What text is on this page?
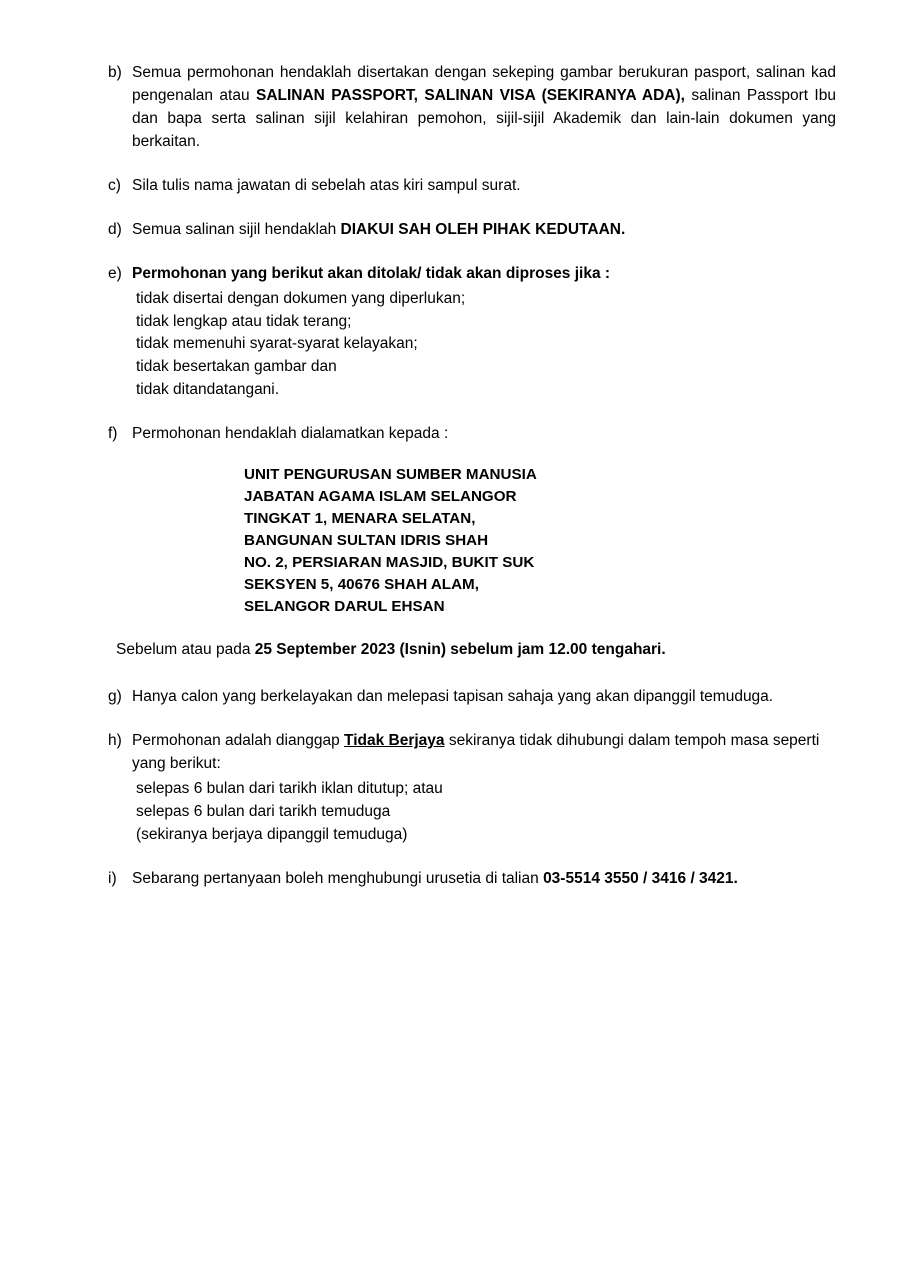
b) Semua permohonan hendaklah disertakan dengan sekeping gambar berukuran pasport, salinan kad pengenalan atau SALINAN PASSPORT, SALINAN VISA (SEKIRANYA ADA), salinan Passport Ibu dan bapa serta salinan sijil kelahiran pemohon, sijil-sijil Akademik dan lain-lain dokumen yang berkaitan.
c) Sila tulis nama jawatan di sebelah atas kiri sampul surat.
d) Semua salinan sijil hendaklah DIAKUI SAH OLEH PIHAK KEDUTAAN.
e) Permohonan yang berikut akan ditolak/ tidak akan diproses jika :
tidak disertai dengan dokumen yang diperlukan;
tidak lengkap atau tidak terang;
tidak memenuhi syarat-syarat kelayakan;
tidak besertakan gambar dan
tidak ditandatangani.
f) Permohonan hendaklah dialamatkan kepada :
UNIT PENGURUSAN SUMBER MANUSIA
JABATAN AGAMA ISLAM SELANGOR
TINGKAT 1, MENARA SELATAN,
BANGUNAN SULTAN IDRIS SHAH
NO. 2, PERSIARAN MASJID, BUKIT SUK
SEKSYEN 5, 40676 SHAH ALAM,
SELANGOR DARUL EHSAN
Sebelum atau pada 25 September 2023 (Isnin) sebelum jam 12.00 tengahari.
g) Hanya calon yang berkelayakan dan melepasi tapisan sahaja yang akan dipanggil temuduga.
h) Permohonan adalah dianggap Tidak Berjaya sekiranya tidak dihubungi dalam tempoh masa seperti yang berikut:
selepas 6 bulan dari tarikh iklan ditutup; atau
selepas 6 bulan dari tarikh temuduga
(sekiranya berjaya dipanggil temuduga)
i) Sebarang pertanyaan boleh menghubungi urusetia di talian 03-5514 3550 / 3416 / 3421.
